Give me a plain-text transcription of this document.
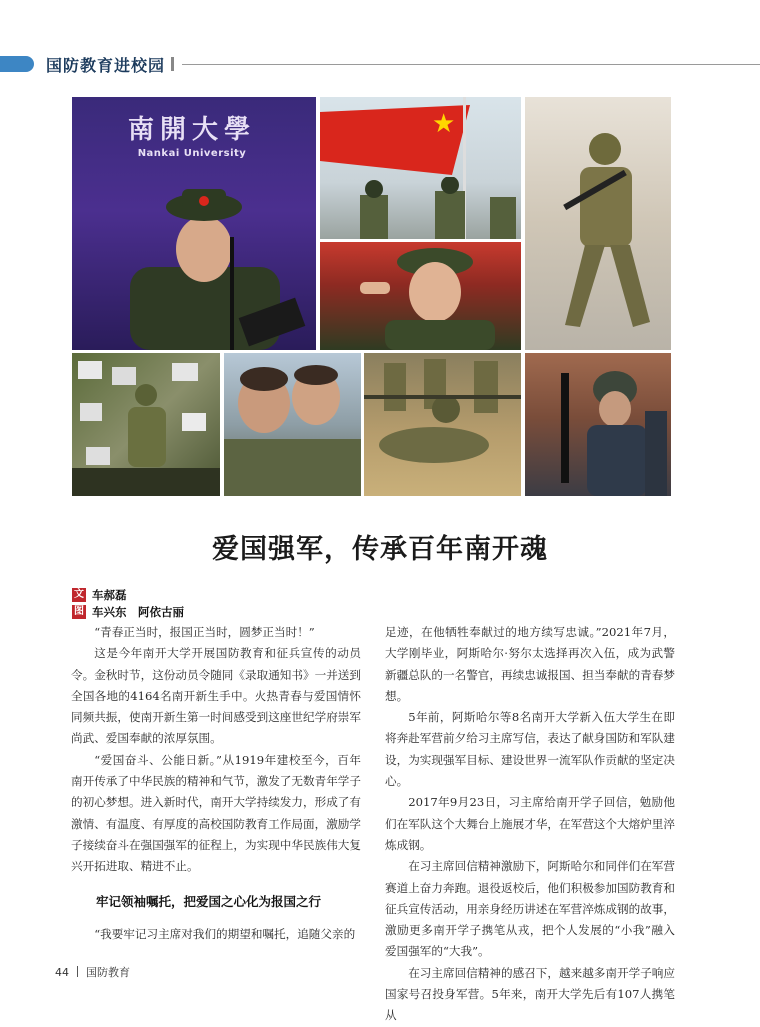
国防教育进校园
南開大學
Nankai University
★
爱国强军，传承百年南开魂
文 车郝磊
图 车兴东　阿依古丽

“青春正当时，报国正当时，圆梦正当时！”

这是今年南开大学开展国防教育和征兵宣传的动员令。金秋时节，这份动员令随同《录取通知书》一并送到全国各地的4164名南开新生手中。火热青春与爱国情怀同频共振，使南开新生第一时间感受到这座世纪学府崇军尚武、爱国奉献的浓厚氛围。

“爱国奋斗、公能日新。”从1919年建校至今，百年南开传承了中华民族的精神和气节，激发了无数青年学子的初心梦想。进入新时代，南开大学持续发力，形成了有激情、有温度、有厚度的高校国防教育工作局面，激励学子接续奋斗在强国强军的征程上，为实现中华民族伟大复兴开拓进取、精进不止。

牢记领袖嘱托，把爱国之心化为报国之行

“我要牢记习主席对我们的期望和嘱托，追随父亲的

足迹，在他牺牲奉献过的地方续写忠诚。”2021年7月，大学刚毕业，阿斯哈尔·努尔太选择再次入伍，成为武警新疆总队的一名警官，再续忠诚报国、担当奉献的青春梦想。

5年前，阿斯哈尔等8名南开大学新入伍大学生在即将奔赴军营前夕给习主席写信，表达了献身国防和军队建设，为实现强军目标、建设世界一流军队作贡献的坚定决心。

2017年9月23日，习主席给南开学子回信，勉励他们在军队这个大舞台上施展才华，在军营这个大熔炉里淬炼成钢。

在习主席回信精神激励下，阿斯哈尔和同伴们在军营赛道上奋力奔跑。退役返校后，他们积极参加国防教育和征兵宣传活动，用亲身经历讲述在军营淬炼成钢的故事，激励更多南开学子携笔从戎，把个人发展的“小我”融入爱国强军的“大我”。

在习主席回信精神的感召下，越来越多南开学子响应国家号召投身军营。5年来，南开大学先后有107人携笔从

44 国防教育
